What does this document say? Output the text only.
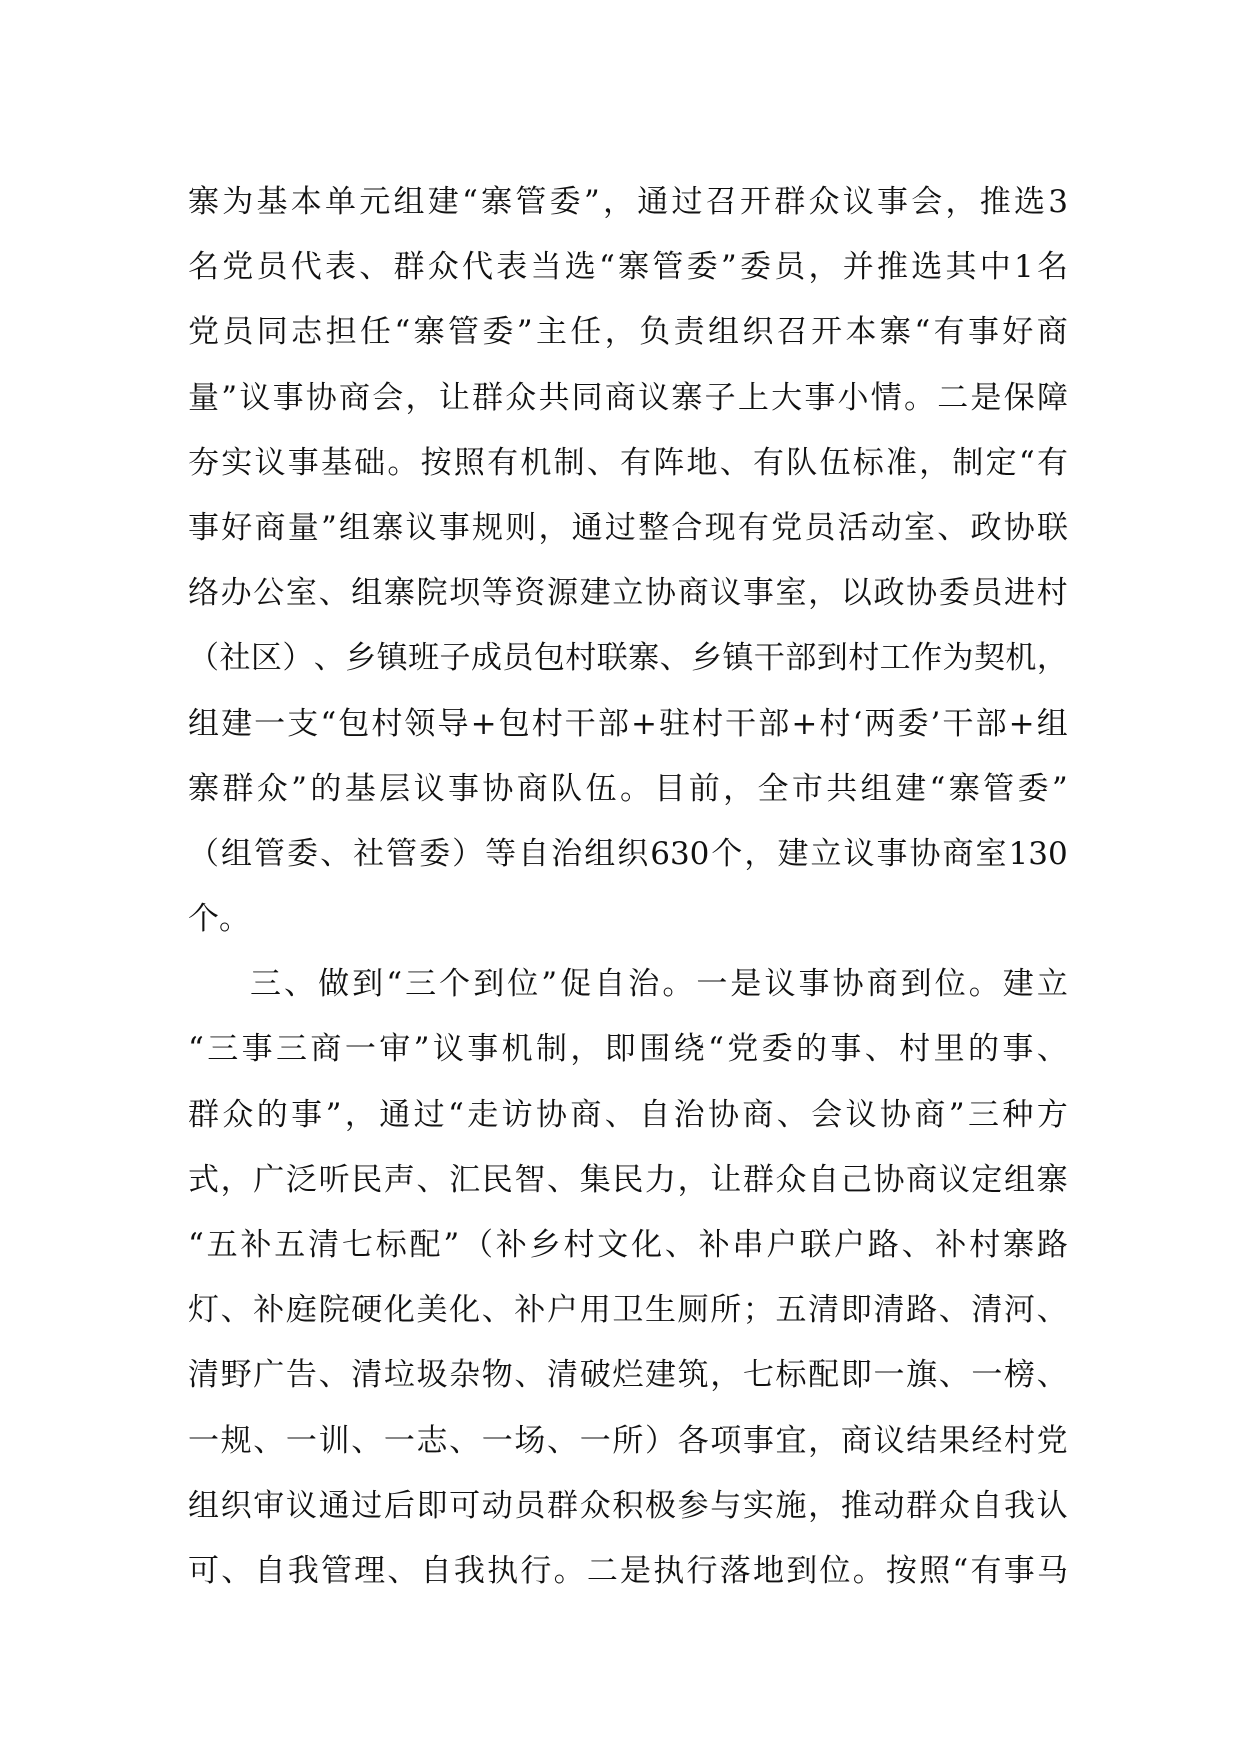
寨 为 基 本 单 元 组 建 “ 寨 管 委 ” ， 通 过 召 开 群 众 议 事 会 ， 推 选 3
名 党 员 代 表 、 群 众 代 表 当 选 “ 寨 管 委 ” 委 员 ， 并 推 选 其 中 1 名
党 员 同 志 担 任 “ 寨 管 委 ” 主 任 ， 负 责 组 织 召 开 本 寨 “ 有 事 好 商
量 ” 议 事 协 商 会 ， 让 群 众 共 同 商 议 寨 子 上 大 事 小 情 。 二 是 保 障
夯 实 议 事 基 础 。 按 照 有 机 制 、 有 阵 地 、 有 队 伍 标 准 ， 制 定 “ 有
事 好 商 量 ” 组 寨 议 事 规 则 ， 通 过 整 合 现 有 党 员 活 动 室 、 政 协 联
络 办 公 室 、 组 寨 院 坝 等 资 源 建 立 协 商 议 事 室 ， 以 政 协 委 员 进 村
（ 社 区 ） 、 乡 镇 班 子 成 员 包 村 联 寨 、 乡 镇 干 部 到 村 工 作 为 契 机 ，
组 建 一 支 “ 包 村 领 导 + 包 村 干 部 + 驻 村 干 部 + 村 ‘ 两 委 ’ 干 部 + 组
寨 群 众 ” 的 基 层 议 事 协 商 队 伍 。 目 前 ， 全 市 共 组 建 “ 寨 管 委 ”
（ 组 管 委 、 社 管 委 ） 等 自 治 组 织 630 个 ， 建 立 议 事 协 商 室 130
个 。
三 、 做 到 “ 三 个 到 位 ” 促 自 治 。 一 是 议 事 协 商 到 位 。 建 立
“ 三 事 三 商 一 审 ” 议 事 机 制 ， 即 围 绕 “ 党 委 的 事 、 村 里 的 事 、
群 众 的 事 ” ， 通 过 “ 走 访 协 商 、 自 治 协 商 、 会 议 协 商 ” 三 种 方
式 ， 广 泛 听 民 声 、 汇 民 智 、 集 民 力 ， 让 群 众 自 己 协 商 议 定 组 寨
“ 五 补 五 清 七 标 配 ” （ 补 乡 村 文 化 、 补 串 户 联 户 路 、 补 村 寨 路
灯 、 补 庭 院 硬 化 美 化 、 补 户 用 卫 生 厕 所 ； 五 清 即 清 路 、 清 河 、
清 野 广 告 、 清 垃 圾 杂 物 、 清 破 烂 建 筑 ， 七 标 配 即 一 旗 、 一 榜 、
一 规 、 一 训 、 一 志 、 一 场 、 一 所 ） 各 项 事 宜 ， 商 议 结 果 经 村 党
组 织 审 议 通 过 后 即 可 动 员 群 众 积 极 参 与 实 施 ， 推 动 群 众 自 我 认
可 、 自 我 管 理 、 自 我 执 行 。 二 是 执 行 落 地 到 位 。 按 照 “ 有 事 马
